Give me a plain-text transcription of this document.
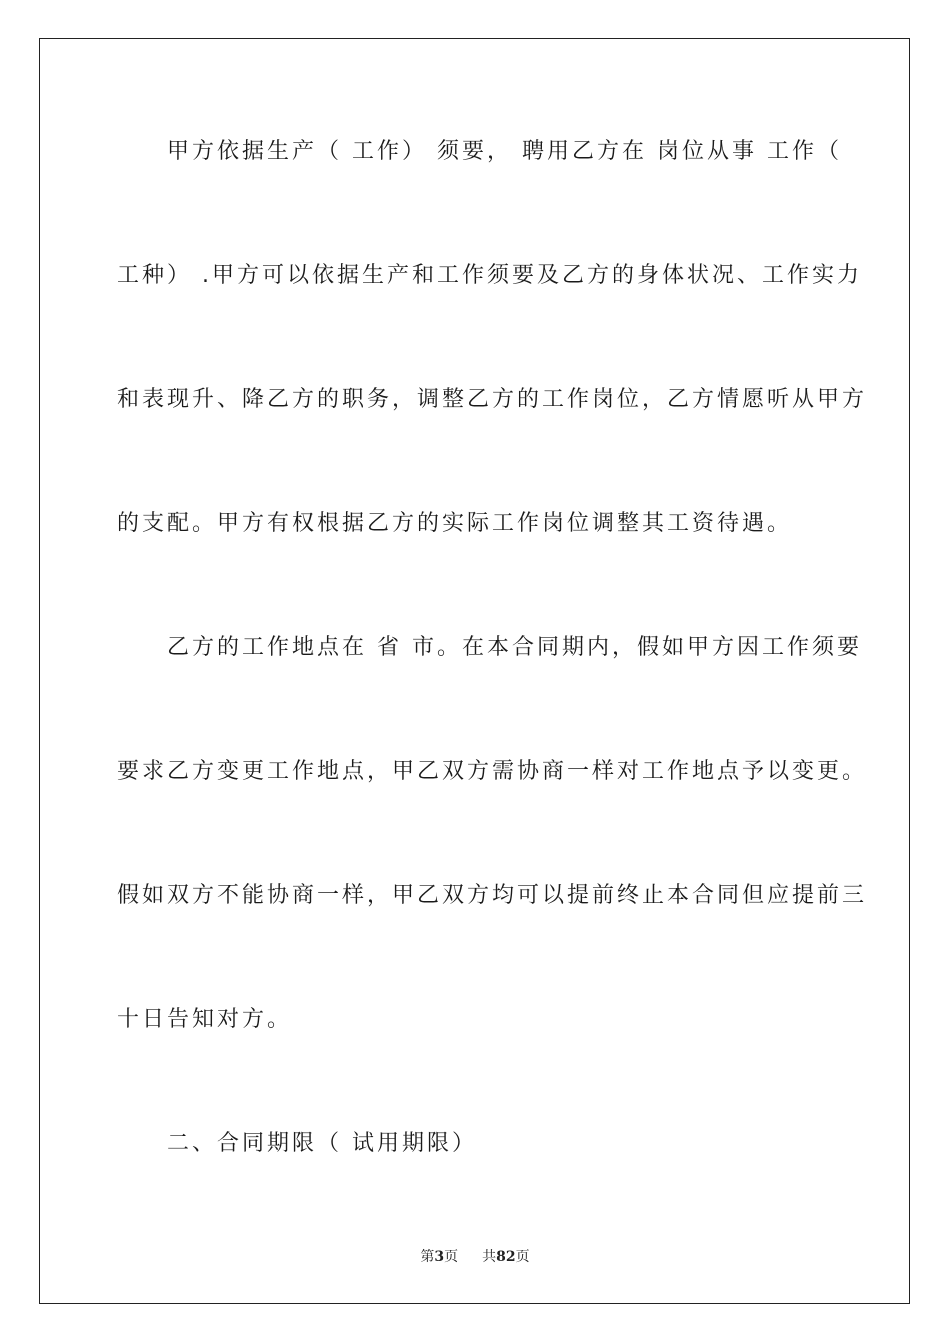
　　甲方依据生产（ 工作） 须要， 聘用乙方在 岗位从事 工作（
工种） .甲方可以依据生产和工作须要及乙方的身体状况、工作实力
和表现升、降乙方的职务，调整乙方的工作岗位，乙方情愿听从甲方
的支配。甲方有权根据乙方的实际工作岗位调整其工资待遇。
　　乙方的工作地点在 省 市。在本合同期内，假如甲方因工作须要
要求乙方变更工作地点，甲乙双方需协商一样对工作地点予以变更。
假如双方不能协商一样，甲乙双方均可以提前终止本合同但应提前三
十日告知对方。
　　二、合同期限（ 试用期限）
第3页 共82页
